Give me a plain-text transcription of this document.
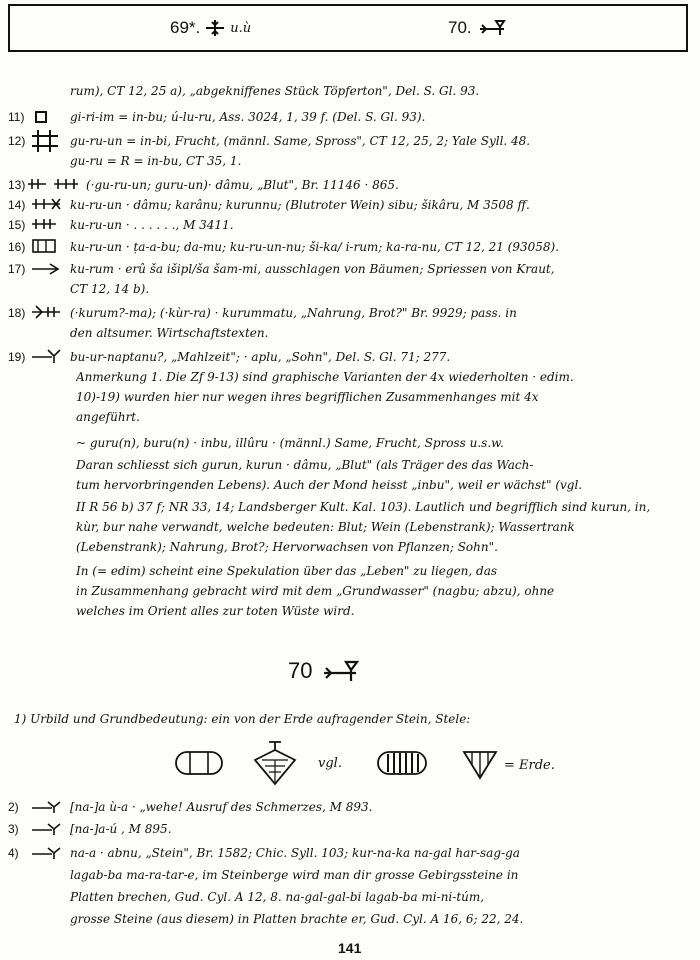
69*. u.ù	70.
rum), CT 12, 25 a), „abgekniffenes Stück Töpferton", Del. S. Gl. 93.
11)	gi-ri-im = in-bu; ú-lu-ru, Ass. 3024, 1, 39 f. (Del. S. Gl. 93).
12)	gu-ru-un = in-bi, Frucht, (männl. Same, Spross", CT 12, 25, 2; Yale Syll. 48.
gu-ru = R = in-bu, CT 35, 1.
13)	(·gu-ru-un; guru-un)· dâmu, „Blut", Br. 11146 · 865.
14)	ku-ru-un · dâmu; karânu; kurunnu; (Blutroter Wein) sibu; šikâru, M 3508 ff.
15)	ku-ru-un · . . . . . ., M 3411.
16)	ku-ru-un · ṭa-a-bu; da-mu; ku-ru-un-nu; ši-ka/ i-rum; ka-ra-nu, CT 12, 21 (93058).
17)	ku-rum · erû ša išipl/ša šam-mi, ausschlagen von Bäumen; Spriessen von Kraut,
CT 12, 14 b).
18)	(·kurum?-ma); (·kùr-ra) · kurummatu, „Nahrung, Brot?" Br. 9929; pass. in
den altsumer. Wirtschaftstexten.
19)	bu-ur-naptanu?, „Mahlzeit"; · aplu, „Sohn", Del. S. Gl. 71; 277.
Anmerkung 1. Die Zf 9-13) sind graphische Varianten der 4x wiederholten · edim.
10)-19) wurden hier nur wegen ihres begrifflichen Zusammenhanges mit 4x
angeführt.
~ guru(n), buru(n) · inbu, illûru · (männl.) Same, Frucht, Spross u.s.w.
Daran schliesst sich gurun, kurun · dâmu, „Blut" (als Träger des das Wach-
tum hervorbringenden Lebens). Auch der Mond heisst „inbu", weil er wächst" (vgl.
II R 56 b) 37 f; NR 33, 14; Landsberger Kult. Kal. 103). Lautlich und begrifflich sind kurun, in,
kùr, bur nahe verwandt, welche bedeuten: Blut; Wein (Lebenstrank); Wassertrank
(Lebenstrank); Nahrung, Brot?; Hervorwachsen von Pflanzen; Sohn".
In (= edim) scheint eine Spekulation über das „Leben" zu liegen, das
in Zusammenhang gebracht wird mit dem „Grundwasser" (nagbu; abzu), ohne
welches im Orient alles zur toten Wüste wird.
1) Urbild und Grundbedeutung: ein von der Erde aufragender Stein, Stele:
2)	[na-]a ù-a · „wehe! Ausruf des Schmerzes, M 893.
3)	[na-]a-ú , M 895.
4)	na-a · abnu, „Stein", Br. 1582; Chic. Syll. 103; kur-na-ka na-gal har-sag-ga
lagab-ba ma-ra-tar-e, im Steinberge wird man dir grosse Gebirgssteine in
Platten brechen, Gud. Cyl. A 12, 8. na-gal-gal-bi lagab-ba mi-ni-túm,
grosse Steine (aus diesem) in Platten brachte er, Gud. Cyl. A 16, 6; 22, 24.
70
vgl.	= Erde.
141
